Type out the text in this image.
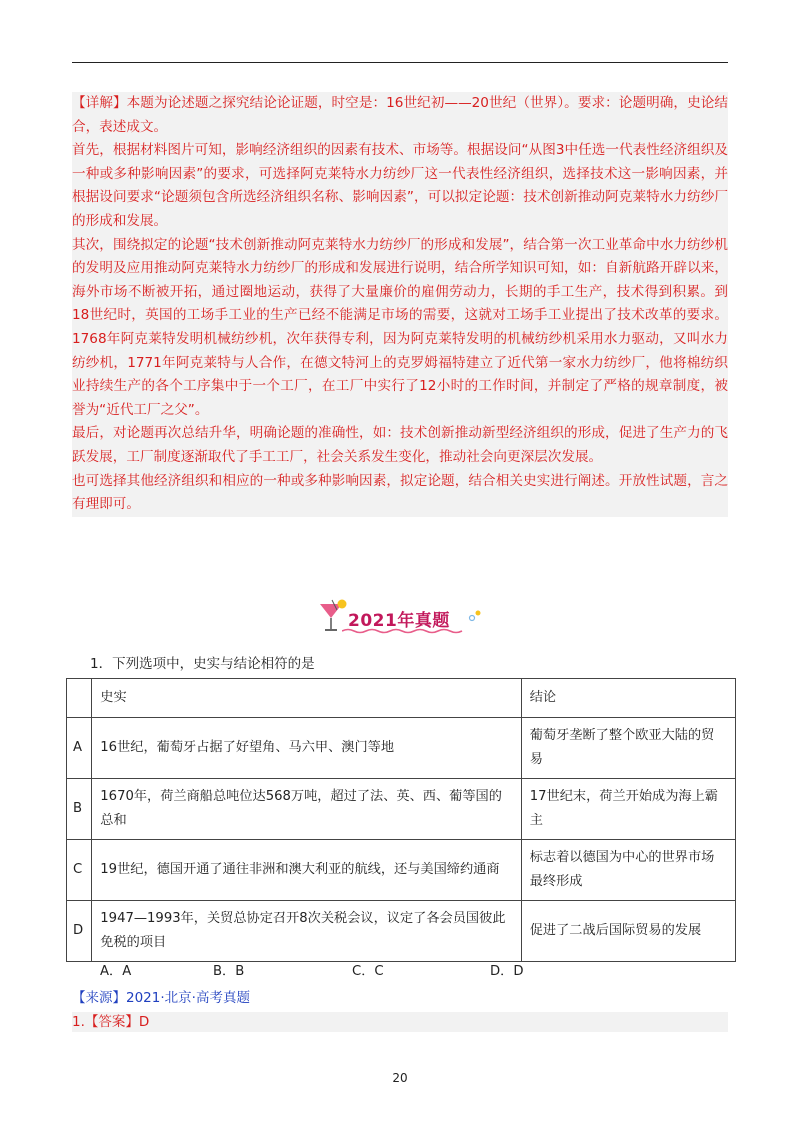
【详解】本题为论述题之探究结论论证题，时空是：16世纪初——20世纪（世界）。要求：论题明确，史论结合，表述成文。

首先，根据材料图片可知，影响经济组织的因素有技术、市场等。根据设问“从图3中任选一代表性经济组织及一种或多种影响因素”的要求，可选择阿克莱特水力纺纱厂这一代表性经济组织，选择技术这一影响因素，并根据设问要求“论题须包含所选经济组织名称、影响因素”，可以拟定论题：技术创新推动阿克莱特水力纺纱厂的形成和发展。

其次，围绕拟定的论题“技术创新推动阿克莱特水力纺纱厂的形成和发展”，结合第一次工业革命中水力纺纱机的发明及应用推动阿克莱特水力纺纱厂的形成和发展进行说明，结合所学知识可知，如：自新航路开辟以来，海外市场不断被开拓，通过圈地运动，获得了大量廉价的雇佣劳动力，长期的手工生产，技术得到积累。到18世纪时，英国的工场手工业的生产已经不能满足市场的需要，这就对工场手工业提出了技术改革的要求。1768年阿克莱特发明机械纺纱机，次年获得专利，因为阿克莱特发明的机械纺纱机采用水力驱动，又叫水力纺纱机，1771年阿克莱特与人合作，在德文特河上的克罗姆福特建立了近代第一家水力纺纱厂，他将棉纺织业持续生产的各个工序集中于一个工厂，在工厂中实行了12小时的工作时间，并制定了严格的规章制度，被誉为“近代工厂之父”。

最后，对论题再次总结升华，明确论题的准确性，如：技术创新推动新型经济组织的形成，促进了生产力的飞跃发展，工厂制度逐渐取代了手工工厂，社会关系发生变化，推动社会向更深层次发展。

也可选择其他经济组织和相应的一种或多种影响因素，拟定论题，结合相关史实进行阐述。开放性试题，言之有理即可。

2021年真题
1．下列选项中，史实与结论相符的是
	史实	结论
A	16世纪，葡萄牙占据了好望角、马六甲、澳门等地	葡萄牙垄断了整个欧亚大陆的贸易
B	1670年，荷兰商船总吨位达568万吨，超过了法、英、西、葡等国的总和	17世纪末，荷兰开始成为海上霸主
C	19世纪，德国开通了通往非洲和澳大利亚的航线，还与美国缔约通商	标志着以德国为中心的世界市场最终形成
D	1947—1993年，关贸总协定召开8次关税会议，议定了各会员国彼此免税的项目	促进了二战后国际贸易的发展
A．A	B．B	C．C	D．D
【来源】2021·北京·高考真题
1.【答案】D
20
